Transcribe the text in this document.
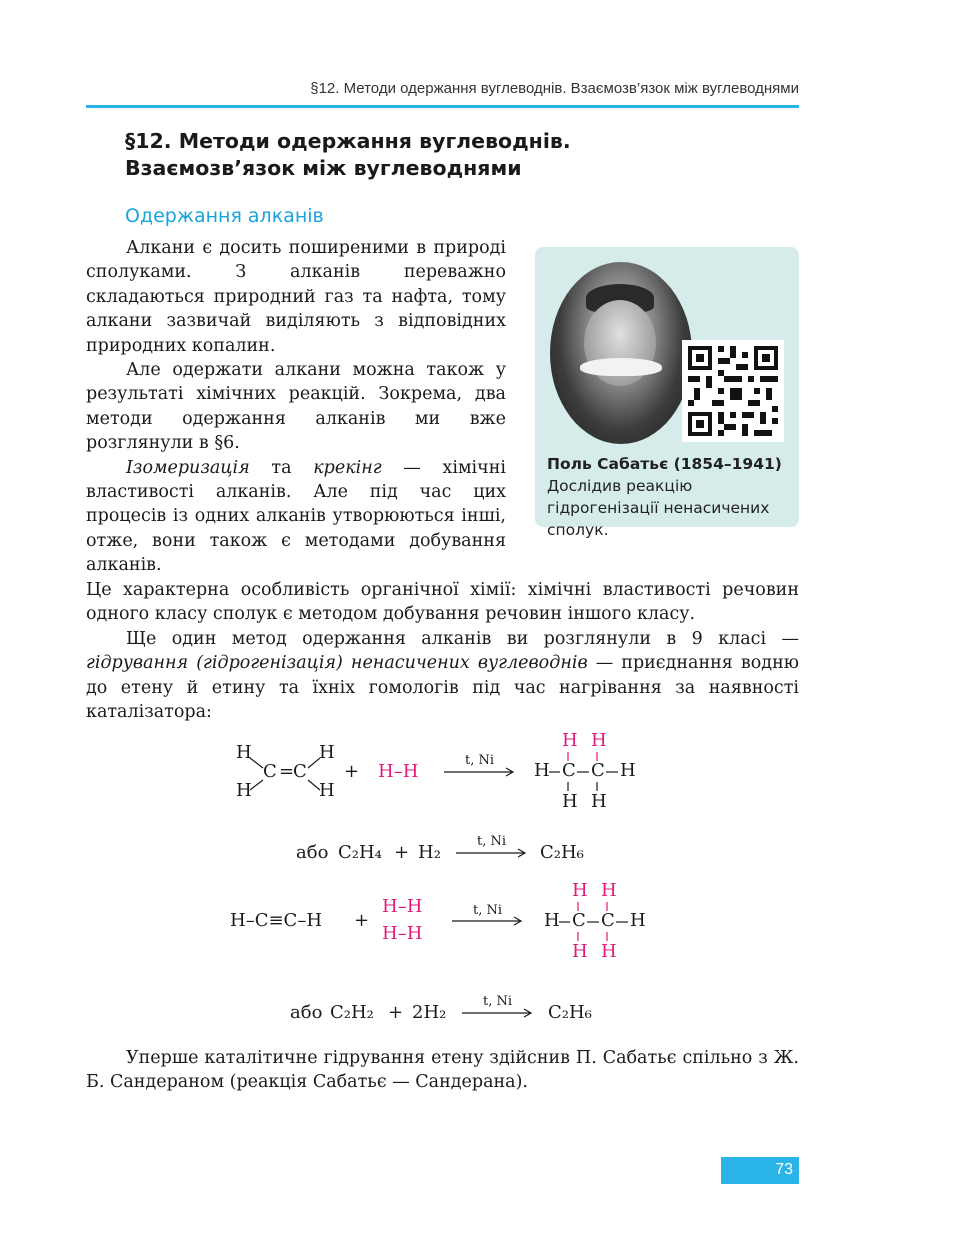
§12. Методи одержання вуглеводнів. Взаємозв’язок між вуглеводнями
§12. Методи одержання вуглеводнів.
Взаємозв’язок між вуглеводнями
Одержання алканів

Алкани є досить поширеними в природі сполуками. З алканів переважно складаються природний газ та нафта, тому алкани зазвичай виділяють з відповідних природних копалин.

Але одержати алкани можна також у результаті хімічних реакцій. Зокрема, два методи одержання алканів ми вже розглянули в §6.

Ізомеризація та крекінг — хімічні властивості алканів. Але під час цих процесів із одних алканів утворюються інші, отже, вони також є методами добування алканів.

Це характерна особливість органічної хімії: хімічні властивості речовин одного класу сполук є методом добування речовин іншого класу.

Ще один метод одержання алканів ви розглянули в 9 класі — гідрування (гідрогенізація) ненасичених вуглеводнів — приєднання водню до етену й етину та їхніх гомологів під час нагрівання за наявності каталізатора:

Поль Сабатьє (1854–1941)
Дослідив реакцію гідрогенізації ненасичених сполук.
H
H
H
H
C =
C + H–H
t, Ni
H H
H C C H
H H
або C₂H₄ + H₂
t, Ni
C₂H₆
H–C≡C–H +
H–H
H–H
t, Ni
H H
H C C H
H H
або C₂H₂ + 2H₂
t, Ni
C₂H₆

Уперше каталітичне гідрування етену здійснив П. Сабатьє спільно з Ж. Б. Сандераном (реакція Сабатьє — Сандерана).

73
